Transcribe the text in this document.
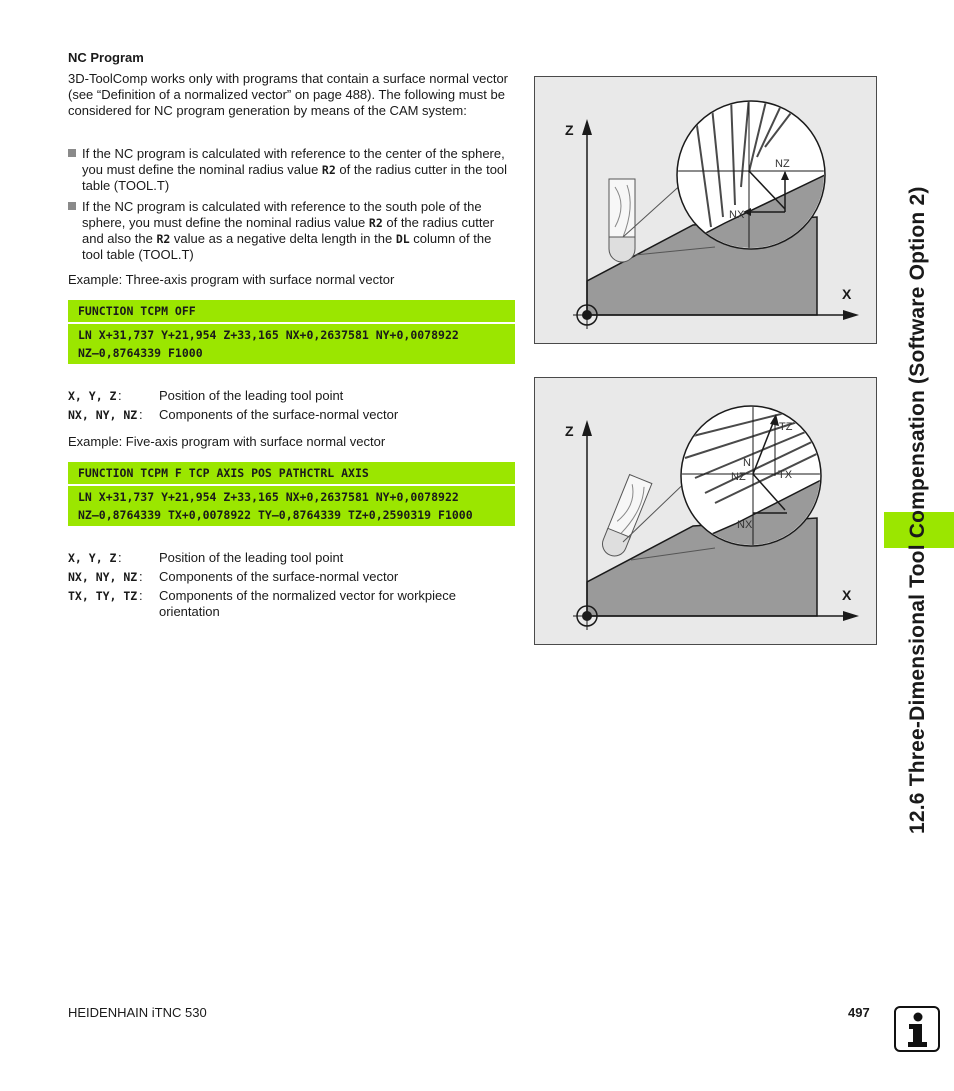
NC Program
3D-ToolComp works only with programs that contain a surface normal vector (see “Definition of a normalized vector” on page 488). The following must be considered for NC program generation by means of the CAM system:
If the NC program is calculated with reference to the center of the sphere, you must define the nominal radius value R2 of the radius cutter in the tool table (TOOL.T)
If the NC program is calculated with reference to the south pole of the sphere, you must define the nominal radius value R2 of the radius cutter and also the R2 value as a negative delta length in the DL column of the tool table (TOOL.T)
Example: Three-axis program with surface normal vector
FUNCTION TCPM OFF
LN X+31,737 Y+21,954 Z+33,165 NX+0,2637581 NY+0,0078922
NZ–0,8764339 F1000
X, Y, Z :	Position of the leading tool point
NX, NY, NZ : Components of the surface-normal vector
Example: Five-axis program with surface normal vector
FUNCTION TCPM F TCP AXIS POS PATHCTRL AXIS
LN X+31,737 Y+21,954 Z+33,165 NX+0,2637581 NY+0,0078922
NZ–0,8764339 TX+0,0078922 TY–0,8764339 TZ+0,2590319 F1000
X, Y, Z :	Position of the leading tool point
NX, NY, NZ : Components of the surface-normal vector
TX, TY, TZ : Components of the normalized vector for workpiece orientation
NZ
NX
Z
X
TZ
N
NZ	TX
NX
Z
X	12.6 Three-Dimensional Tool Compensation (Software Option 2)
HEIDENHAIN iTNC 530	497
